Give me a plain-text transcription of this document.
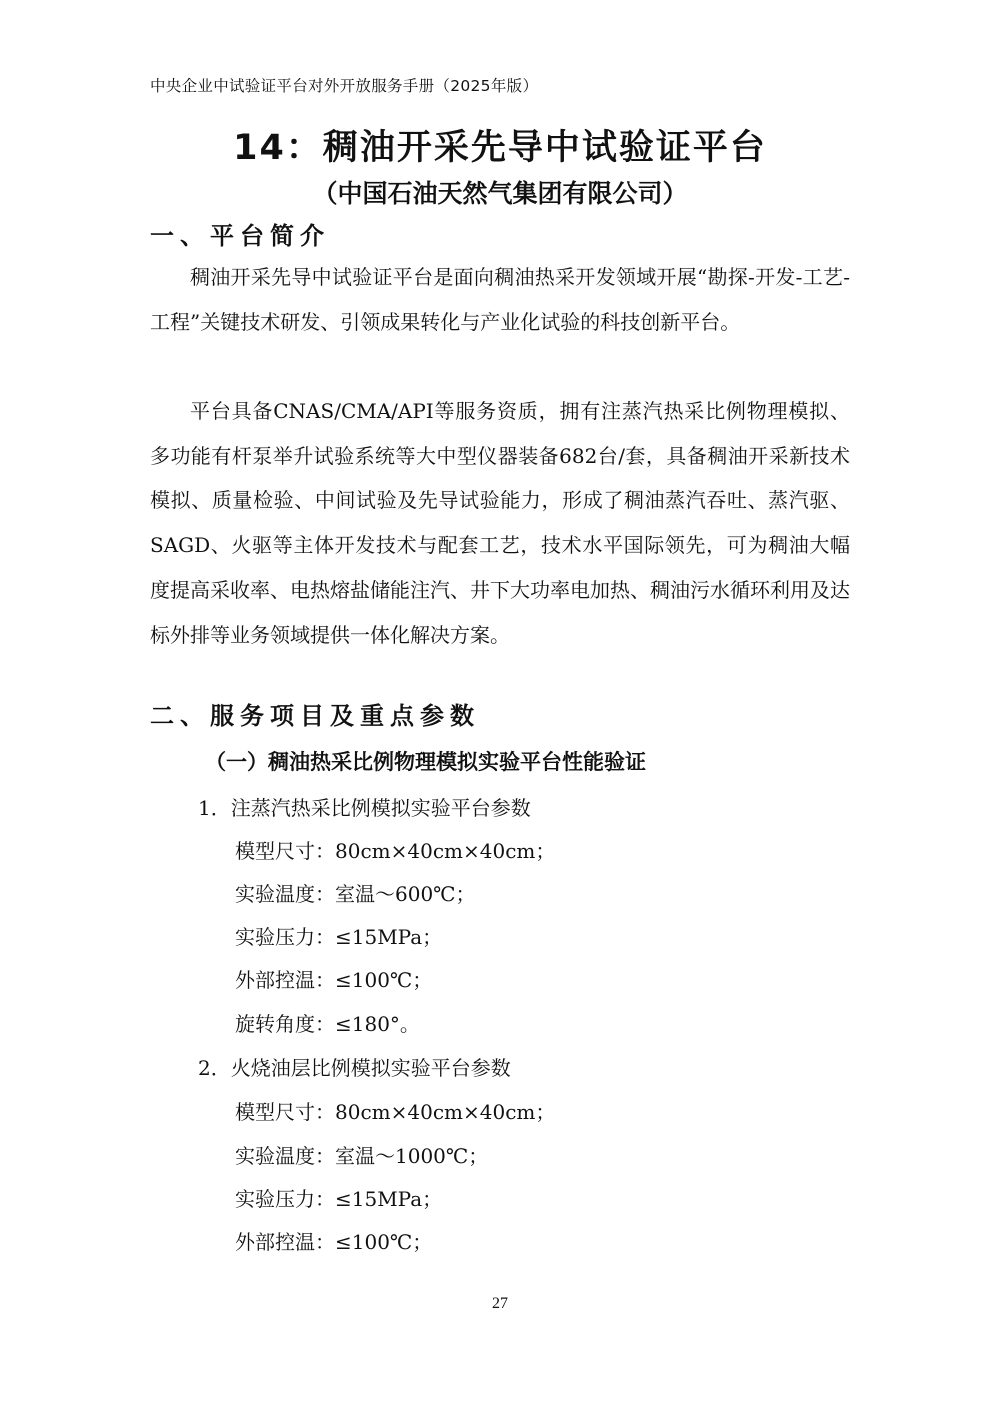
中央企业中试验证平台对外开放服务手册（2025年版）
14：稠油开采先导中试验证平台
（中国石油天然气集团有限公司）
一、平台简介

稠油开采先导中试验证平台是面向稠油热采开发领域开展“勘探-开发-工艺-工程”关键技术研发、引领成果转化与产业化试验的科技创新平台。

平台具备CNAS/CMA/API等服务资质，拥有注蒸汽热采比例物理模拟、多功能有杆泵举升试验系统等大中型仪器装备682台/套，具备稠油开采新技术模拟、质量检验、中间试验及先导试验能力，形成了稠油蒸汽吞吐、蒸汽驱、SAGD、火驱等主体开发技术与配套工艺，技术水平国际领先，可为稠油大幅度提高采收率、电热熔盐储能注汽、井下大功率电加热、稠油污水循环利用及达标外排等业务领域提供一体化解决方案。

二、服务项目及重点参数
（一）稠油热采比例物理模拟实验平台性能验证
1．注蒸汽热采比例模拟实验平台参数
模型尺寸：80cm×40cm×40cm；
实验温度：室温～600℃；
实验压力：≤15MPa；
外部控温：≤100℃；
旋转角度：≤180°。
2．火烧油层比例模拟实验平台参数
模型尺寸：80cm×40cm×40cm；
实验温度：室温～1000℃；
实验压力：≤15MPa；
外部控温：≤100℃；
27
